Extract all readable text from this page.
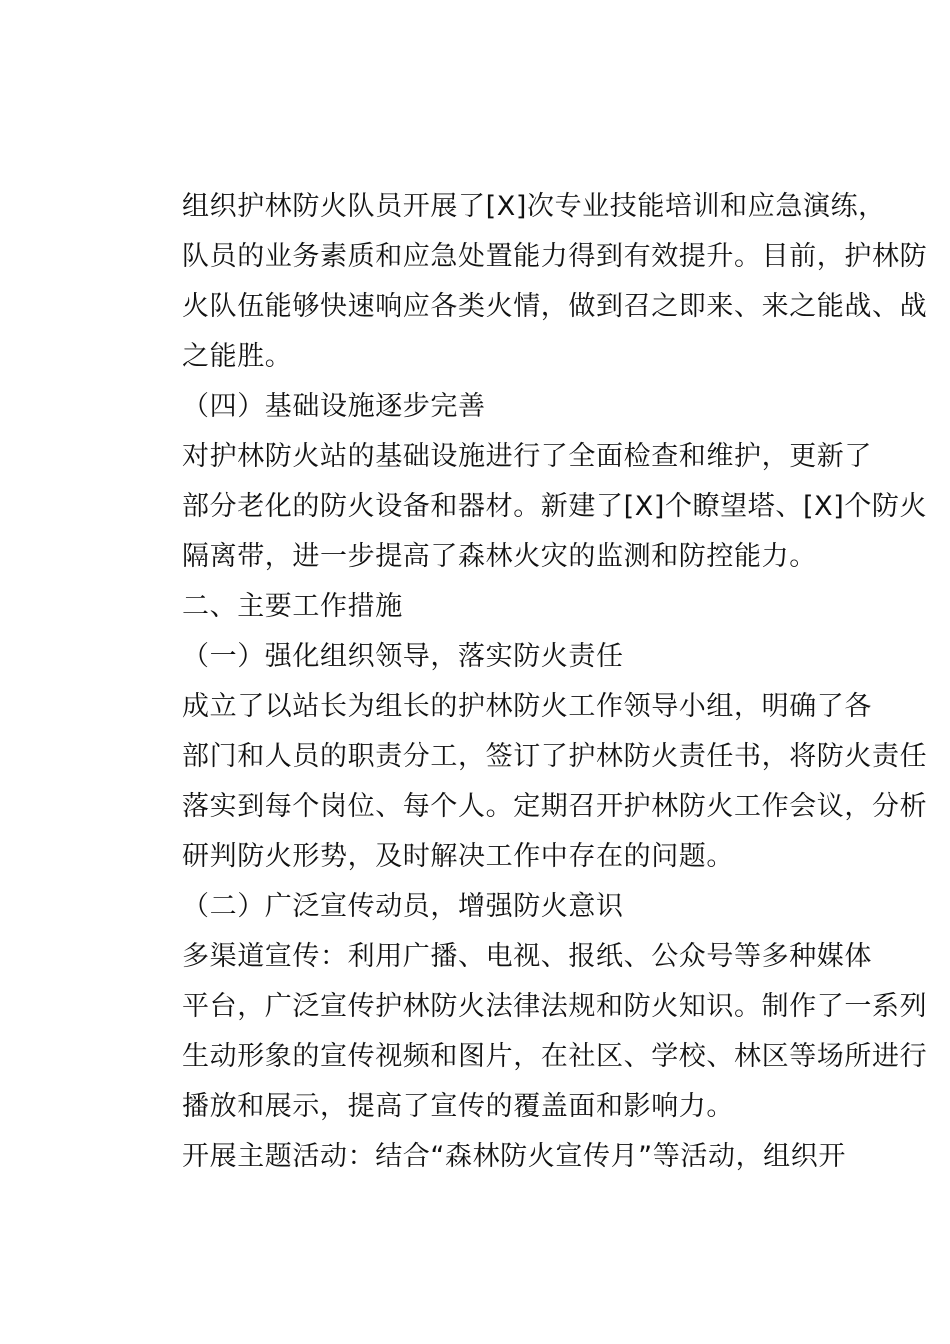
组织护林防火队员开展了[X]次专业技能培训和应急演练，
队员的业务素质和应急处置能力得到有效提升。目前，护林防
火队伍能够快速响应各类火情，做到召之即来、来之能战、战
之能胜。

（四）基础设施逐步完善

对护林防火站的基础设施进行了全面检查和维护，更新了
部分老化的防火设备和器材。新建了[X]个瞭望塔、[X]个防火
隔离带，进一步提高了森林火灾的监测和防控能力。

二、主要工作措施

（一）强化组织领导，落实防火责任

成立了以站长为组长的护林防火工作领导小组，明确了各
部门和人员的职责分工，签订了护林防火责任书，将防火责任
落实到每个岗位、每个人。定期召开护林防火工作会议，分析
研判防火形势，及时解决工作中存在的问题。

（二）广泛宣传动员，增强防火意识

多渠道宣传：利用广播、电视、报纸、公众号等多种媒体
平台，广泛宣传护林防火法律法规和防火知识。制作了一系列
生动形象的宣传视频和图片，在社区、学校、林区等场所进行
播放和展示，提高了宣传的覆盖面和影响力。

开展主题活动：结合“森林防火宣传月”等活动，组织开
